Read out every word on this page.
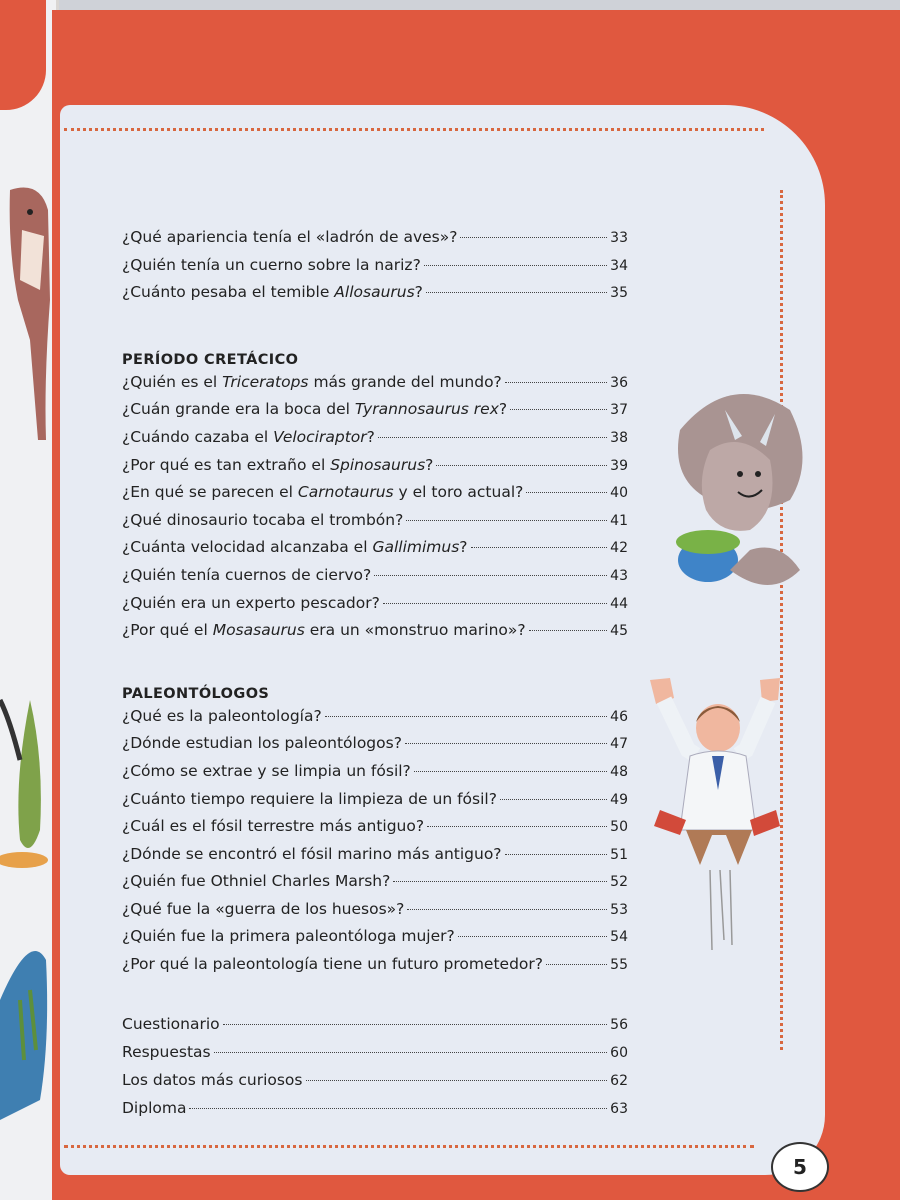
¿Qué apariencia tenía el «ladrón de aves»?	33
¿Quién tenía un cuerno sobre la nariz?	34
¿Cuánto pesaba el temible Allosaurus?	35
PERÍODO CRETÁCICO
¿Quién es el Triceratops más grande del mundo?	36
¿Cuán grande era la boca del Tyrannosaurus rex?	37
¿Cuándo cazaba el Velociraptor?	38
¿Por qué es tan extraño el Spinosaurus?	39
¿En qué se parecen el Carnotaurus y el toro actual?	40
¿Qué dinosaurio tocaba el trombón?	41
¿Cuánta velocidad alcanzaba el Gallimimus?	42
¿Quién tenía cuernos de ciervo?	43
¿Quién era un experto pescador?	44
¿Por qué el Mosasaurus era un «monstruo marino»?	45
PALEONTÓLOGOS
¿Qué es la paleontología?	46
¿Dónde estudian los paleontólogos?	47
¿Cómo se extrae y se limpia un fósil?	48
¿Cuánto tiempo requiere la limpieza de un fósil?	49
¿Cuál es el fósil terrestre más antiguo?	50
¿Dónde se encontró el fósil marino más antiguo?	51
¿Quién fue Othniel Charles Marsh?	52
¿Qué fue la «guerra de los huesos»?	53
¿Quién fue la primera paleontóloga mujer?	54
¿Por qué la paleontología tiene un futuro prometedor?	55
Cuestionario	56
Respuestas	60
Los datos más curiosos	62
Diploma	63
5
